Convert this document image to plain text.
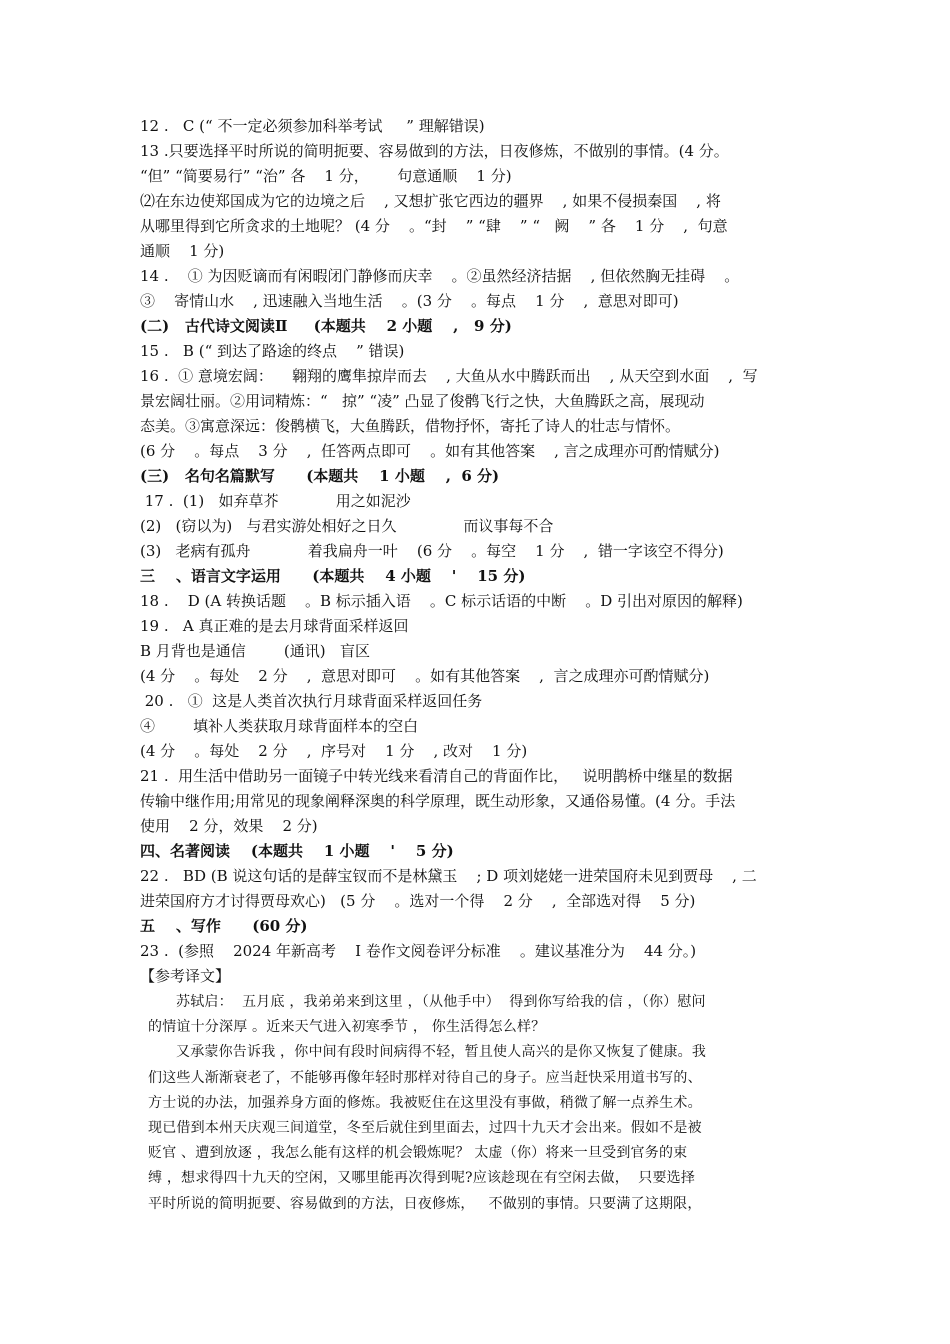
12 .   C (“ 不一定必须参加科举考试     ” 理解错误)
13 .只要选择平时所说的简明扼要、容易做到的方法，日夜修炼，不做别的事情。(4 分。
“但” “简要易行” “治” 各    1 分，      句意通顺    1 分)
⑵在东边使郑国成为它的边境之后    , 又想扩张它西边的疆界    , 如果不侵损秦国    , 将
从哪里得到它所贪求的土地呢？ (4 分    。“封    ” “肆    ” “   阙    ” 各    1 分    ,  句意
通顺    1 分)
14 .    ① 为因贬谪而有闲暇闭门静修而庆幸    。②虽然经济拮据    , 但依然胸无挂碍    。
③    寄情山水    , 迅速融入当地生活    。(3 分    。每点    1 分    ,  意思对即可)
(二)   古代诗文阅读Ⅱ     (本题共    2 小题    ,   9 分)
15 .   B (“ 到达了路途的终点    ” 错误)
16 .  ① 意境宏阔：    翱翔的鹰隼掠岸而去    , 大鱼从水中腾跃而出    , 从天空到水面    ,  写
景宏阔壮丽。②用词精炼：“   掠” “凌” 凸显了俊鹘飞行之快，大鱼腾跃之高，展现动
态美。③寓意深远：俊鹘横飞，大鱼腾跃，借物抒怀，寄托了诗人的壮志与情怀。
(6 分    。每点    3 分    ,  任答两点即可    。如有其他答案    , 言之成理亦可酌情赋分)
(三)   名句名篇默写      (本题共    1 小题    ,  6 分)
17 .  (1)   如弃草芥            用之如泥沙
(2)   (窃以为)   与君实游处相好之日久              而议事每不合
(3)   老病有孤舟            着我扁舟一叶    (6 分    。每空    1 分    ,  错一字该空不得分)
三    、语言文字运用      (本题共    4 小题    '    15 分)
18 .    D (A 转换话题    。B 标示插入语    。C 标示话语的中断    。D 引出对原因的解释)
19 .   A 真正难的是去月球背面采样返回
B 月背也是通信        (通讯)   盲区
(4 分    。每处    2 分    ,  意思对即可    。如有其他答案    ,  言之成理亦可酌情赋分)
20 .   ①  这是人类首次执行月球背面采样返回任务
④        填补人类获取月球背面样本的空白
(4 分    。每处    2 分    ,  序号对    1 分    , 改对    1 分)
21 .  用生活中借助另一面镜子中转光线来看清自己的背面作比，   说明鹊桥中继星的数据
传输中继作用;用常见的现象阐释深奥的科学原理，既生动形象，又通俗易懂。(4 分。手法
使用    2 分，效果    2 分)
四、名著阅读    (本题共    1 小题    '    5 分)
22 .   BD (B 说这句话的是薛宝钗而不是林黛玉    ; D 项刘姥姥一进荣国府未见到贾母    , 二
进荣国府方才讨得贾母欢心)   (5 分    。选对一个得    2 分    ,  全部选对得    5 分)
五    、写作      (60 分)
23 .  (参照    2024 年新高考    I 卷作文阅卷评分标准    。建议基准分为    44 分。)
【参考译文】
苏轼启：  五月底 ，我弟弟来到这里 ，（从他手中）  得到你写给我的信 ，（你）慰问
的情谊十分深厚 。近来天气进入初寒季节 ， 你生活得怎么样？
又承蒙你告诉我 ，你中间有段时间病得不轻，暂且使人高兴的是你又恢复了健康。我
们这些人渐渐衰老了，不能够再像年轻时那样对待自己的身子。应当赶快采用道书写的、
方士说的办法，加强养身方面的修炼。我被贬住在这里没有事做，稍微了解一点养生术。
现已借到本州天庆观三间道堂，冬至后就住到里面去，过四十九天才会出来。假如不是被
贬官 、遭到放逐 ，我怎么能有这样的机会锻炼呢？ 太虚（你）将来一旦受到官务的束
缚 ，想求得四十九天的空闲，又哪里能再次得到呢?应该趁现在有空闲去做，  只要选择
平时所说的简明扼要、容易做到的方法，日夜修炼，   不做别的事情。只要满了这期限，
